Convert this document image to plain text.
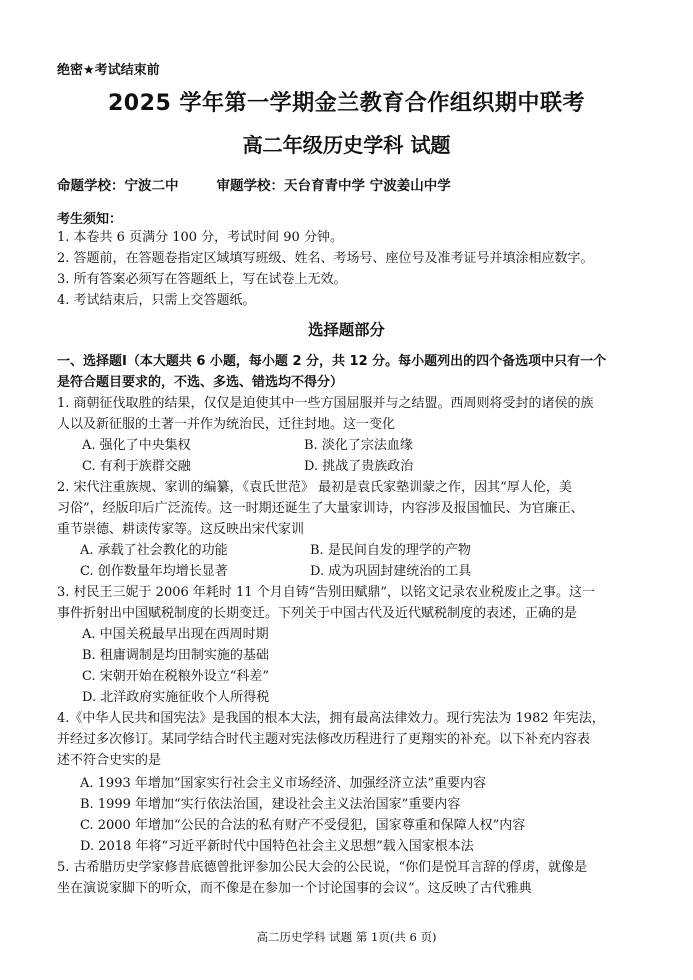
绝密★考试结束前
2025 学年第一学期金兰教育合作组织期中联考
高二年级历史学科 试题
命题学校：宁波二中	审题学校：天台育青中学 宁波姜山中学
考生须知：
1. 本卷共 6 页满分 100 分，考试时间 90 分钟。
2. 答题前，在答题卷指定区域填写班级、姓名、考场号、座位号及准考证号并填涂相应数字。
3. 所有答案必须写在答题纸上，写在试卷上无效。
4. 考试结束后，只需上交答题纸。
选择题部分
一、选择题Ⅰ（本大题共 6 小题，每小题 2 分，共 12 分。每小题列出的四个备选项中只有一个
是符合题目要求的，不选、多选、错选均不得分）
1. 商朝征伐取胜的结果，仅仅是迫使其中一些方国屈服并与之结盟。西周则将受封的诸侯的族
人以及新征服的土著一并作为统治民，迁往封地。这一变化
A. 强化了中央集权	B. 淡化了宗法血缘
C. 有利于族群交融	D. 挑战了贵族政治
2. 宋代注重族规、家训的编纂，《袁氏世范》 最初是袁氏家塾训蒙之作，因其“厚人伦，美
习俗”，经版印后广泛流传。这一时期还诞生了大量家训诗，内容涉及报国恤民、为官廉正、
重节崇德、耕读传家等。这反映出宋代家训
A. 承载了社会教化的功能	B. 是民间自发的理学的产物
C. 创作数量年均增长显著	D. 成为巩固封建统治的工具
3. 村民王三妮于 2006 年耗时 11 个月自铸“告别田赋鼎”，以铭文记录农业税废止之事。这一
事件折射出中国赋税制度的长期变迁。下列关于中国古代及近代赋税制度的表述，正确的是
A. 中国关税最早出现在西周时期
B. 租庸调制是均田制实施的基础
C. 宋朝开始在税粮外设立“科差”
D. 北洋政府实施征收个人所得税
4.《中华人民共和国宪法》是我国的根本大法，拥有最高法律效力。现行宪法为 1982 年宪法，
并经过多次修订。某同学结合时代主题对宪法修改历程进行了更翔实的补充。以下补充内容表
述不符合史实的是
A. 1993 年增加“国家实行社会主义市场经济、加强经济立法”重要内容
B. 1999 年增加“实行依法治国，建设社会主义法治国家”重要内容
C. 2000 年增加“公民的合法的私有财产不受侵犯，国家尊重和保障人权”内容
D. 2018 年将“习近平新时代中国特色社会主义思想”载入国家根本法
5. 古希腊历史学家修昔底德曾批评参加公民大会的公民说，“你们是悦耳言辞的俘虏，就像是
坐在演说家脚下的听众，而不像是在参加一个讨论国事的会议”。这反映了古代雅典
高二历史学科 试题 第 1页(共 6 页)
